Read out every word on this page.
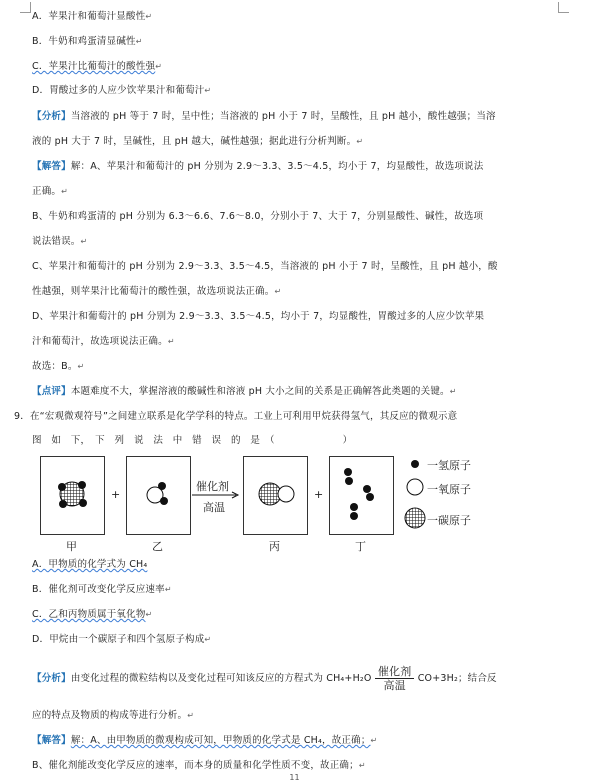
A．苹果汁和葡萄汁显酸性↵
B．牛奶和鸡蛋清显碱性↵
C．苹果汁比葡萄汁的酸性强↵
D．胃酸过多的人应少饮苹果汁和葡萄汁↵
【分析】当溶液的 pH 等于 7 时，呈中性；当溶液的 pH 小于 7 时，呈酸性，且 pH 越小，酸性越强；当溶
液的 pH 大于 7 时，呈碱性，且 pH 越大，碱性越强；据此进行分析判断。↵
【解答】解：A、苹果汁和葡萄汁的 pH 分别为 2.9～3.3、3.5～4.5，均小于 7，均显酸性，故选项说法
正确。↵
B、牛奶和鸡蛋清的 pH 分别为 6.3～6.6、7.6～8.0，分别小于 7、大于 7，分别显酸性、碱性，故选项
说法错误。↵
C、苹果汁和葡萄汁的 pH 分别为 2.9～3.3、3.5～4.5，当溶液的 pH 小于 7 时，呈酸性，且 pH 越小，酸
性越强，则苹果汁比葡萄汁的酸性强，故选项说法正确。↵
D、苹果汁和葡萄汁的 pH 分别为 2.9～3.3、3.5～4.5，均小于 7，均显酸性，胃酸过多的人应少饮苹果
汁和葡萄汁，故选项说法正确。↵
故选：B。↵
【点评】本题难度不大，掌握溶液的酸碱性和溶液 pH 大小之间的关系是正确解答此类题的关键。↵
9．在“宏观微观符号”之间建立联系是化学学科的特点。工业上可利用甲烷获得氢气，其反应的微观示意
图　如　下，　下　列　说　法　中　错　误　的　是　（　　　　　　　）
甲
+
乙
催化剂
高温
丙
+
丁
一氢原子
一氧原子
一碳原子
A．甲物质的化学式为 CH₄
B．催化剂可改变化学反应速率↵
C．乙和丙物质属于氧化物↵
D．甲烷由一个碳原子和四个氢原子构成↵
【分析】由变化过程的微粒结构以及变化过程可知该反应的方程式为 $CH_4+H_2O \frac{\text{催化剂}}{\text{高温}} CO+3H_2$；结合反
应的特点及物质的构成等进行分析。↵
【解答】解：A、由甲物质的微观构成可知，甲物质的化学式是 CH₄，故正确；↵
B、催化剂能改变化学反应的速率，而本身的质量和化学性质不变，故正确；↵
11
